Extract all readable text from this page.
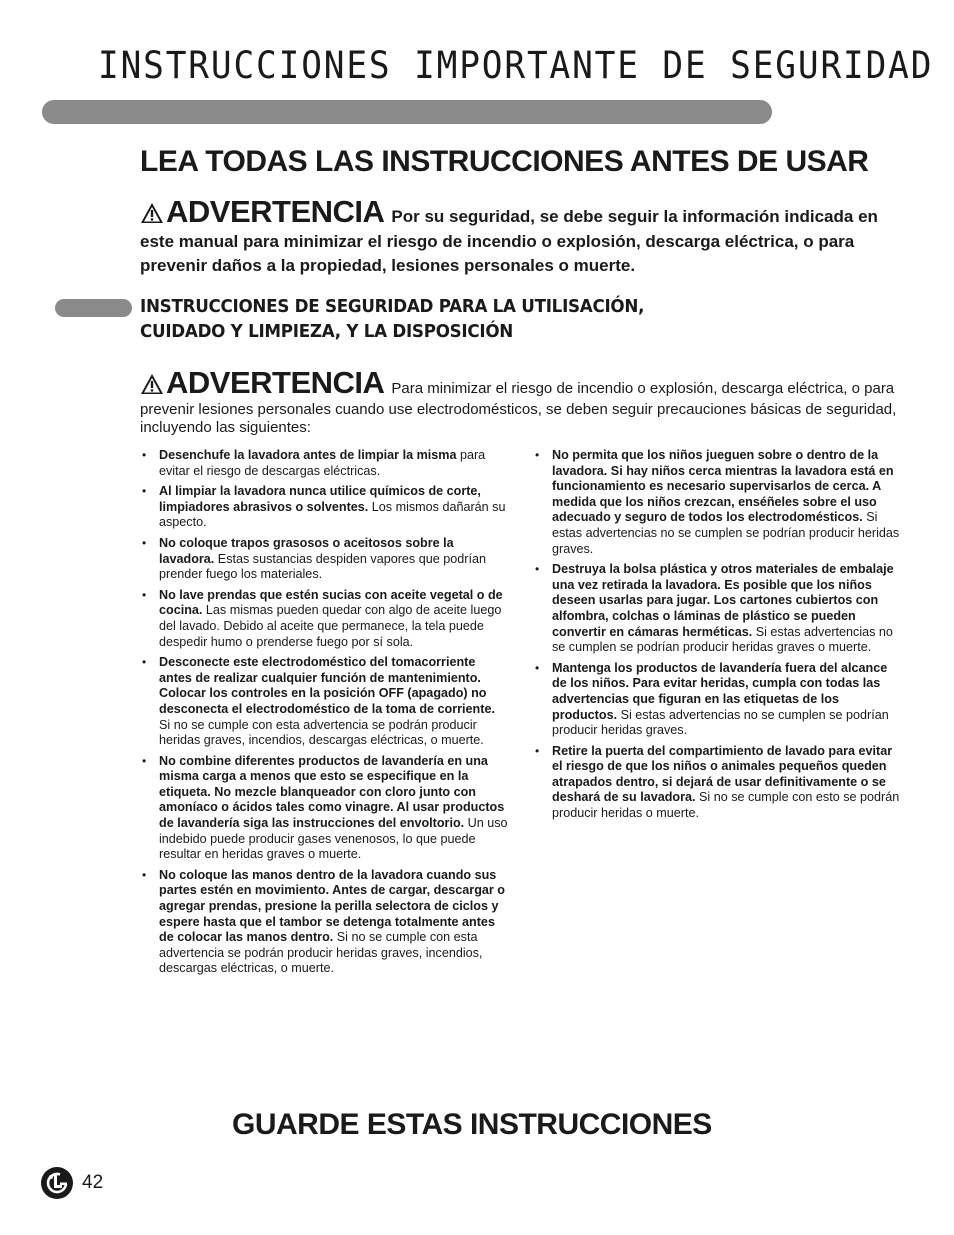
INSTRUCCIONES IMPORTANTE DE SEGURIDAD
LEA TODAS LAS INSTRUCCIONES ANTES DE USAR
ADVERTENCIA Por su seguridad, se debe seguir la información indicada en este manual para minimizar el riesgo de incendio o explosión, descarga eléctrica, o para prevenir daños a la propiedad, lesiones personales o muerte.
INSTRUCCIONES DE SEGURIDAD PARA LA UTILISACIÓN,
CUIDADO Y LIMPIEZA, Y LA DISPOSICIÓN
ADVERTENCIA Para minimizar el riesgo de incendio o explosión, descarga eléctrica, o para prevenir lesiones personales cuando use electrodomésticos, se deben seguir precauciones básicas de seguridad, incluyendo las siguientes:
• Desenchufe la lavadora antes de limpiar la misma para evitar el riesgo de descargas eléctricas.
• Al limpiar la lavadora nunca utilice químicos de corte, limpiadores abrasivos o solventes. Los mismos dañarán su aspecto.
• No coloque trapos grasosos o aceitosos sobre la lavadora. Estas sustancias despiden vapores que podrían prender fuego los materiales.
• No lave prendas que estén sucias con aceite vegetal o de cocina. Las mismas pueden quedar con algo de aceite luego del lavado. Debido al aceite que permanece, la tela puede despedir humo o prenderse fuego por sí sola.
• Desconecte este electrodoméstico del tomacorriente antes de realizar cualquier función de mantenimiento. Colocar los controles en la posición OFF (apagado) no desconecta el electrodoméstico de la toma de corriente. Si no se cumple con esta advertencia se podrán producir heridas graves, incendios, descargas eléctricas, o muerte.
• No combine diferentes productos de lavandería en una misma carga a menos que esto se especifique en la etiqueta. No mezcle blanqueador con cloro junto con amoníaco o ácidos tales como vinagre. Al usar productos de lavandería siga las instrucciones del envoltorio. Un uso indebido puede producir gases venenosos, lo que puede resultar en heridas graves o muerte.
• No coloque las manos dentro de la lavadora cuando sus partes estén en movimiento. Antes de cargar, descargar o agregar prendas, presione la perilla selectora de ciclos y espere hasta que el tambor se detenga totalmente antes de colocar las manos dentro. Si no se cumple con esta advertencia se podrán producir heridas graves, incendios, descargas eléctricas, o muerte.
• No permita que los niños jueguen sobre o dentro de la lavadora. Si hay niños cerca mientras la lavadora está en funcionamiento es necesario supervisarlos de cerca. A medida que los niños crezcan, enséñeles sobre el uso adecuado y seguro de todos los electrodomésticos. Si estas advertencias no se cumplen se podrían producir heridas graves.
• Destruya la bolsa plástica y otros materiales de embalaje una vez retirada la lavadora. Es posible que los niños deseen usarlas para jugar. Los cartones cubiertos con alfombra, colchas o láminas de plástico se pueden convertir en cámaras herméticas. Si estas advertencias no se cumplen se podrían producir heridas graves o muerte.
• Mantenga los productos de lavandería fuera del alcance de los niños. Para evitar heridas, cumpla con todas las advertencias que figuran en las etiquetas de los productos. Si estas advertencias no se cumplen se podrían producir heridas graves.
• Retire la puerta del compartimiento de lavado para evitar el riesgo de que los niños o animales pequeños queden atrapados dentro, si dejará de usar definitivamente o se deshará de su lavadora. Si no se cumple con esto se podrán producir heridas o muerte.
GUARDE ESTAS INSTRUCCIONES
42
